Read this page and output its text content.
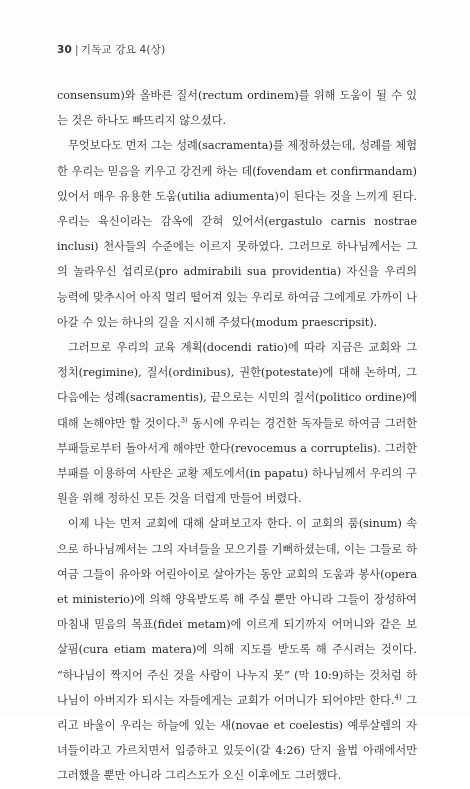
30 | 기독교 강요 4(상)

consensum)와 올바른 질서(rectum ordinem)를 위해 도움이 될 수 있는 것은 하나도 빠뜨리지 않으셨다.

무엇보다도 먼저 그는 성례(sacramenta)를 제정하셨는데, 성례를 체험한 우리는 믿음을 키우고 강건케 하는 데(fovendam et confirmandam) 있어서 매우 유용한 도움(utilia adiumenta)이 된다는 것을 느끼게 된다. 우리는 육신이라는 감옥에 갇혀 있어서(ergastulo carnis nostrae inclusi) 천사들의 수준에는 이르지 못하였다. 그러므로 하나님께서는 그의 놀라우신 섭리로(pro admirabili sua providentia) 자신을 우리의 능력에 맞추시어 아직 멀리 떨어져 있는 우리로 하여금 그에게로 가까이 나아갈 수 있는 하나의 길을 지시해 주셨다(modum praescripsit).

그러므로 우리의 교육 계획(docendi ratio)에 따라 지금은 교회와 그 정치(regimine), 질서(ordinibus), 권한(potestate)에 대해 논하며, 그 다음에는 성례(sacramentis), 끝으로는 시민의 질서(politico ordine)에 대해 논해야만 할 것이다.$^{3)}$ 동시에 우리는 경건한 독자들로 하여금 그러한 부패들로부터 돌아서게 해야만 한다(revocemus a corruptelis). 그러한 부패를 이용하여 사탄은 교황 제도에서(in papatu) 하나님께서 우리의 구원을 위해 정하신 모든 것을 더럽게 만들어 버렸다.

이제 나는 먼저 교회에 대해 살펴보고자 한다. 이 교회의 품(sinum) 속으로 하나님께서는 그의 자녀들을 모으기를 기뻐하셨는데, 이는 그들로 하여금 그들이 유아와 어린아이로 살아가는 동안 교회의 도움과 봉사(opera et ministerio)에 의해 양육받도록 해 주실 뿐만 아니라 그들이 장성하여 마침내 믿음의 목표(fidei metam)에 이르게 되기까지 어머니와 같은 보살핌(cura etiam matera)에 의해 지도를 받도록 해 주시려는 것이다. “하나님이 짝지어 주신 것을 사람이 나누지 못” (막 10:9)하는 것처럼 하나님이 아버지가 되시는 자들에게는 교회가 어머니가 되어야만 한다.$^{4)}$ 그리고 바울이 우리는 하늘에 있는 새(novae et coelestis) 예루살렘의 자녀들이라고 가르치면서 입증하고 있듯이(갈 4:26) 단지 율법 아래에서만 그러했을 뿐만 아니라 그리스도가 오신 이후에도 그러했다.
